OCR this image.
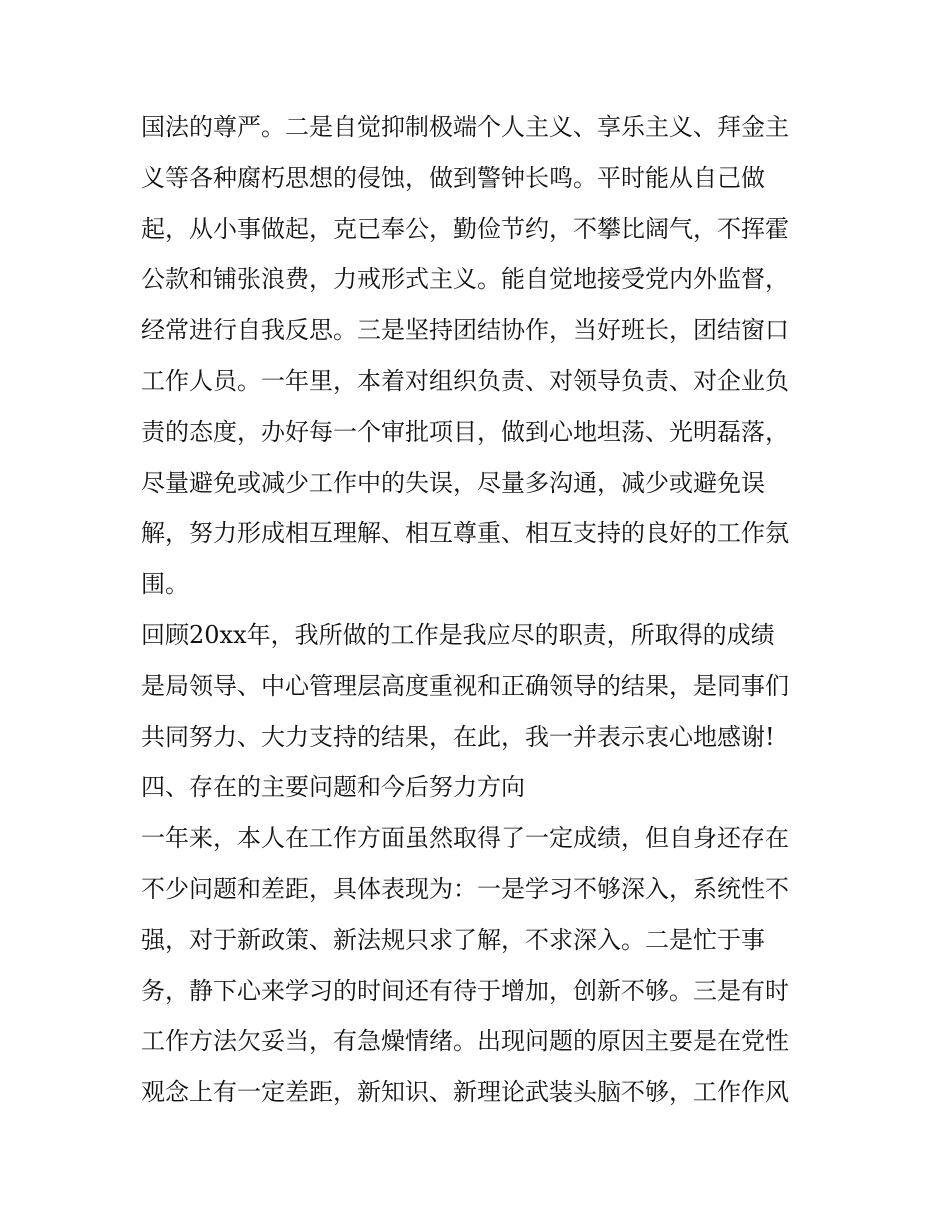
国法的尊严。二是自觉抑制极端个人主义、享乐主义、拜金主
义等各种腐朽思想的侵蚀，做到警钟长鸣。平时能从自己做
起，从小事做起，克已奉公，勤俭节约，不攀比阔气，不挥霍
公款和铺张浪费，力戒形式主义。能自觉地接受党内外监督，
经常进行自我反思。三是坚持团结协作，当好班长，团结窗口
工作人员。一年里，本着对组织负责、对领导负责、对企业负
责的态度，办好每一个审批项目，做到心地坦荡、光明磊落，
尽量避免或减少工作中的失误，尽量多沟通，减少或避免误
解，努力形成相互理解、相互尊重、相互支持的良好的工作氛
围。
回顾20xx年，我所做的工作是我应尽的职责，所取得的成绩
是局领导、中心管理层高度重视和正确领导的结果，是同事们
共同努力、大力支持的结果，在此，我一并表示衷心地感谢!
四、存在的主要问题和今后努力方向
一年来，本人在工作方面虽然取得了一定成绩，但自身还存在
不少问题和差距，具体表现为：一是学习不够深入，系统性不
强，对于新政策、新法规只求了解，不求深入。二是忙于事
务，静下心来学习的时间还有待于增加，创新不够。三是有时
工作方法欠妥当，有急燥情绪。出现问题的原因主要是在党性
观念上有一定差距，新知识、新理论武装头脑不够，工作作风
